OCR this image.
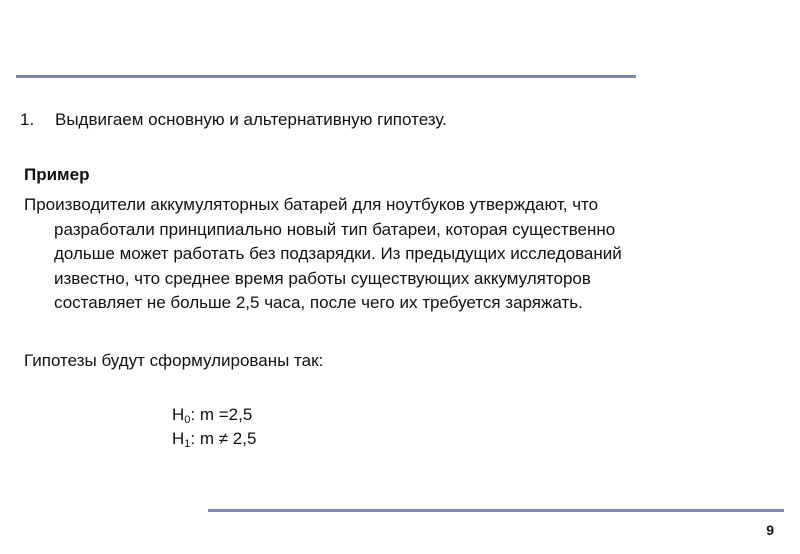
1. Выдвигаем основную и альтернативную гипотезу.
Пример
Производители аккумуляторных батарей для ноутбуков утверждают, что
разработали принципиально новый тип батареи, которая существенно
дольше может работать без подзарядки. Из предыдущих исследований
известно, что среднее время работы существующих аккумуляторов
составляет не больше 2,5 часа, после чего их требуется заряжать.
Гипотезы будут сформулированы так:
$H_0$: m =2,5
$H_1$: m ≠ 2,5
9
